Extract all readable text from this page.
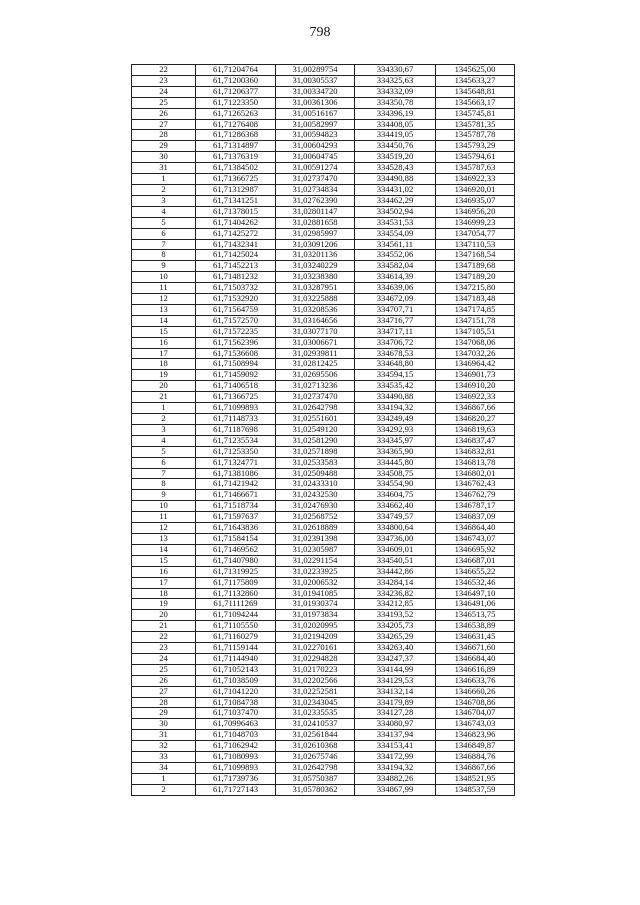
798
22	61,71204764	31,00289754	334330,67	1345625,00
23	61,71200360	31,00305537	334325,63	1345633,27
24	61,71206377	31,00334720	334332,09	1345648,81
25	61,71223350	31,00361306	334350,78	1345663,17
26	61,71265263	31,00516167	334396,19	1345745,81
27	61,71276408	31,00582997	334408,05	1345781,35
28	61,71286368	31,00594823	334419,05	1345787,78
29	61,71314897	31,00604293	334450,76	1345793,29
30	61,71376319	31,00604745	334519,20	1345794,61
31	61,71384502	31,00591274	334528,43	1345787,63
1	61,71366725	31,02737470	334490,88	1346922,33
2	61,71312987	31,02734834	334431,02	1346920,01
3	61,71341251	31,02762390	334462,29	1346935,07
4	61,71378015	31,02801147	334502,94	1346956,20
5	61,71404262	31,02881658	334531,53	1346999,23
6	61,71425272	31,02985997	334554,09	1347054,77
7	61,71432341	31,03091206	334561,11	1347110,53
8	61,71425024	31,03201136	334552,06	1347168,54
9	61,71452213	31,03240229	334582,04	1347189,68
10	61,71481232	31,03238380	334614,39	1347189,20
11	61,71503732	31,03287951	334639,06	1347215,80
12	61,71532920	31,03225888	334672,09	1347183,48
13	61,71564759	31,03208536	334707,71	1347174,85
14	61,71572570	31,03164656	334716,77	1347151,78
15	61,71572235	31,03077170	334717,11	1347105,51
16	61,71562396	31,03006671	334706,72	1347068,06
17	61,71536608	31,02939811	334678,53	1347032,26
18	61,71508994	31,02812425	334648,80	1346964,42
19	61,71459092	31,02695506	334594,15	1346901,73
20	61,71406518	31,02713236	334535,42	1346910,20
21	61,71366725	31,02737470	334490,88	1346922,33
1	61,71099893	31,02642798	334194,32	1346867,66
2	61,71148733	31,02551601	334249,49	1346820,27
3	61,71187698	31,02549120	334292,93	1346819,63
4	61,71235534	31,02581290	334345,97	1346837,47
5	61,71253350	31,02571898	334365,90	1346832,81
6	61,71324771	31,02533583	334445,80	1346813,78
7	61,71381086	31,02509488	334508,75	1346802,01
8	61,71421942	31,02433310	334554,90	1346762,43
9	61,71466671	31,02432530	334604,75	1346762,79
10	61,71518734	31,02476930	334662,40	1346787,17
11	61,71597637	31,02568752	334749,57	1346837,09
12	61,71643836	31,02618889	334800,64	1346864,40
13	61,71584154	31,02391398	334736,00	1346743,07
14	61,71469562	31,02305987	334609,01	1346695,92
15	61,71407980	31,02291154	334540,51	1346687,01
16	61,71319925	31,02233925	334442,86	1346655,22
17	61,71175809	31,02006532	334284,14	1346532,46
18	61,71132860	31,01941085	334236,82	1346497,10
19	61,71111269	31,01930374	334212,85	1346491,06
20	61,71094244	31,01973834	334193,52	1346513,75
21	61,71105550	31,02020995	334205,73	1346538,89
22	61,71160279	31,02194209	334265,29	1346631,45
23	61,71159144	31,02270161	334263,40	1346671,60
24	61,71144940	31,02294828	334247,37	1346684,40
25	61,71052143	31,02170223	334144,99	1346616,89
26	61,71038509	31,02202566	334129,53	1346633,76
27	61,71041220	31,02252581	334132,14	1346660,26
28	61,71084738	31,02343045	334179,89	1346708,86
29	61,71037470	31,02335535	334127,28	1346704,07
30	61,70996463	31,02410537	334080,97	1346743,03
31	61,71048703	31,02561844	334137,94	1346823,96
32	61,71062942	31,02610368	334153,41	1346849,87
33	61,71080993	31,02675746	334172,99	1346884,76
34	61,71099893	31,02642798	334194,32	1346867,66
1	61,71739736	31,05750387	334882,26	1348521,95
2	61,71727143	31,05780362	334867,99	1348537,59
